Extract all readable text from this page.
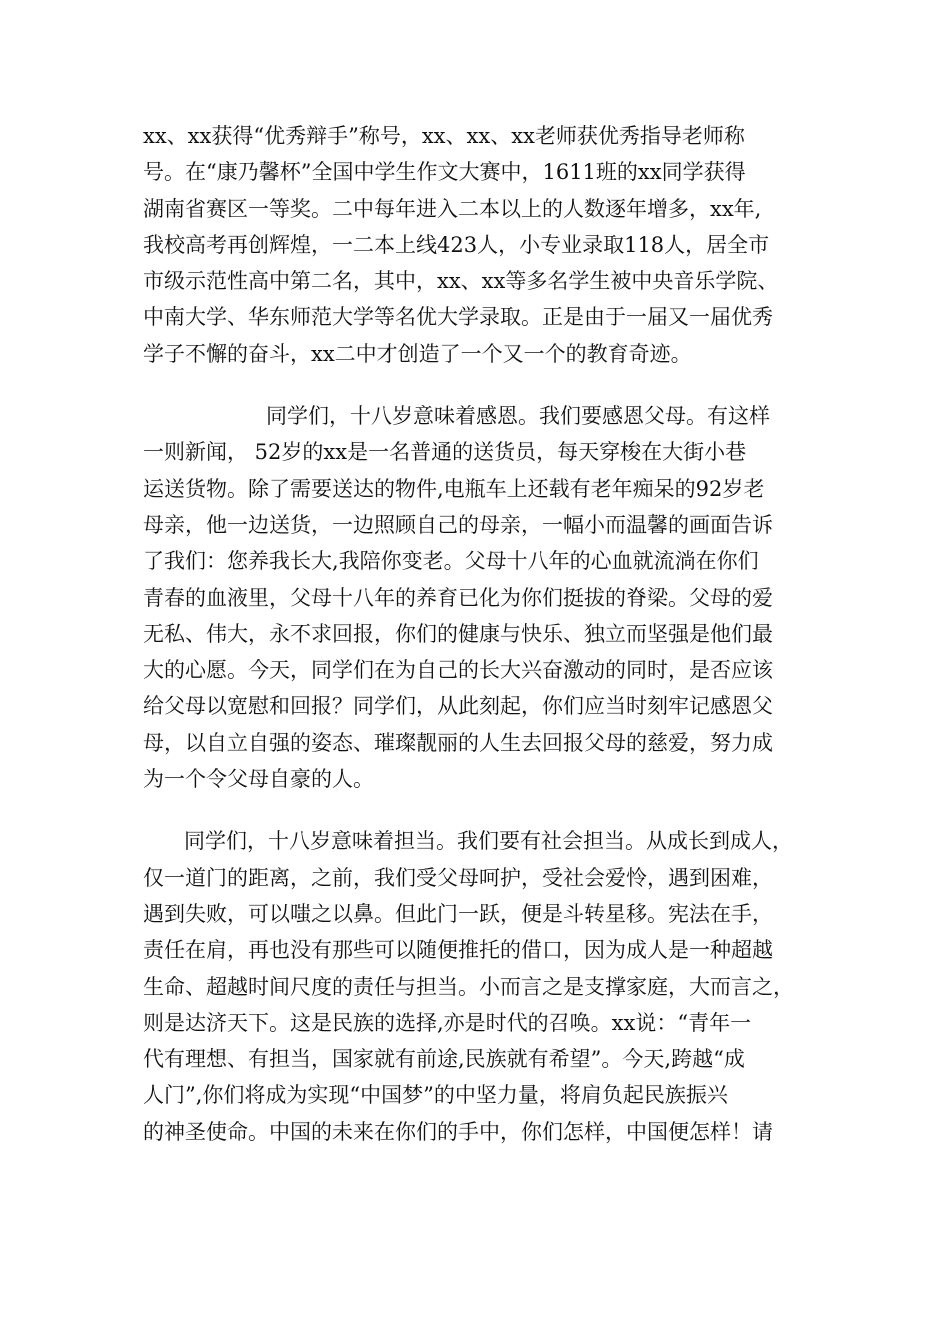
xx、xx获得“优秀辩手”称号，xx、xx、xx老师获优秀指导老师称
号。在“康乃馨杯”全国中学生作文大赛中，1611班的xx同学获得
湖南省赛区一等奖。二中每年进入二本以上的人数逐年增多，xx年,
我校高考再创辉煌，一二本上线423人，小专业录取118人，居全市
市级示范性高中第二名，其中，xx、xx等多名学生被中央音乐学院、
中南大学、华东师范大学等名优大学录取。正是由于一届又一届优秀
学子不懈的奋斗，xx二中才创造了一个又一个的教育奇迹。
同学们，十八岁意味着感恩。我们要感恩父母。有这样
一则新闻， 52岁的xx是一名普通的送货员，每天穿梭在大街小巷
运送货物。除了需要送达的物件,电瓶车上还载有老年痴呆的92岁老
母亲，他一边送货，一边照顾自己的母亲，一幅小而温馨的画面告诉
了我们：您养我长大,我陪你变老。父母十八年的心血就流淌在你们
青春的血液里，父母十八年的养育已化为你们挺拔的脊梁。父母的爱
无私、伟大，永不求回报，你们的健康与快乐、独立而坚强是他们最
大的心愿。今天，同学们在为自己的长大兴奋激动的同时，是否应该
给父母以宽慰和回报？同学们，从此刻起，你们应当时刻牢记感恩父
母，以自立自强的姿态、璀璨靓丽的人生去回报父母的慈爱，努力成
为一个令父母自豪的人。
同学们，十八岁意味着担当。我们要有社会担当。从成长到成人，
仅一道门的距离，之前，我们受父母呵护，受社会爱怜，遇到困难，
遇到失败，可以嗤之以鼻。但此门一跃，便是斗转星移。宪法在手，
责任在肩，再也没有那些可以随便推托的借口，因为成人是一种超越
生命、超越时间尺度的责任与担当。小而言之是支撑家庭，大而言之，
则是达济天下。这是民族的选择,亦是时代的召唤。xx说：“青年一
代有理想、有担当，国家就有前途,民族就有希望”。今天,跨越“成
人门”,你们将成为实现“中国梦”的中坚力量，将肩负起民族振兴
的神圣使命。中国的未来在你们的手中，你们怎样，中国便怎样！请
